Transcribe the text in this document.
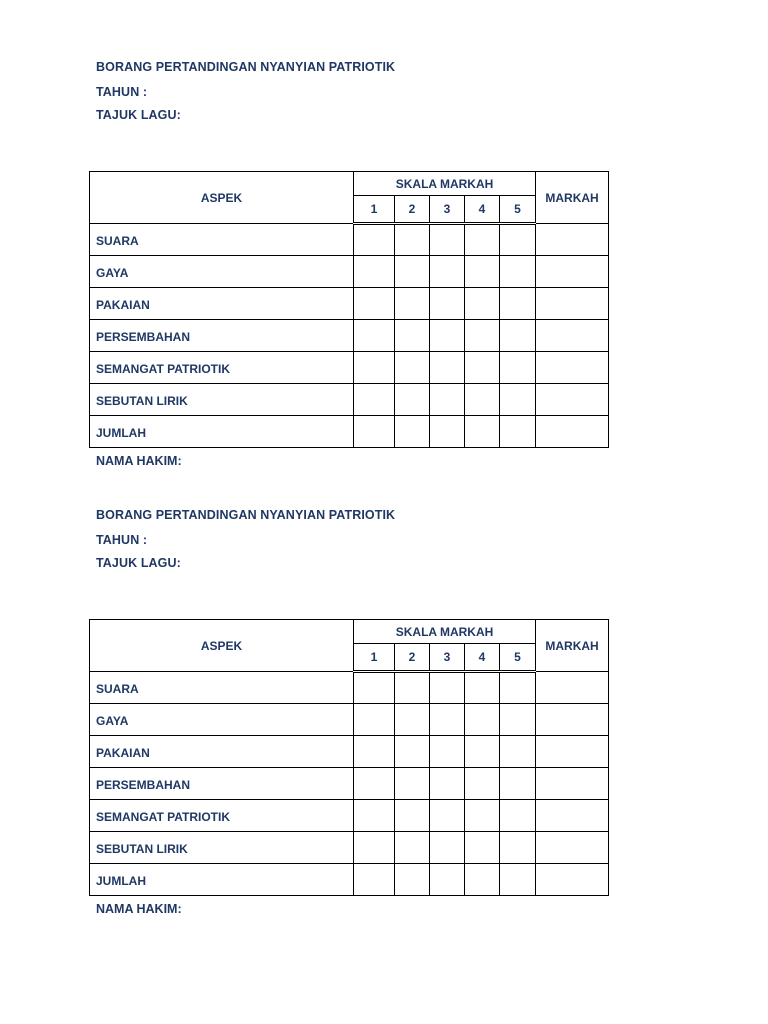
BORANG PERTANDINGAN NYANYIAN PATRIOTIK
TAHUN :
TAJUK LAGU:
ASPEK	SKALA MARKAH					MARKAH
	1	2	3	4	5	
SUARA						
GAYA						
PAKAIAN						
PERSEMBAHAN						
SEMANGAT PATRIOTIK						
SEBUTAN LIRIK						
JUMLAH						
NAMA HAKIM:
BORANG PERTANDINGAN NYANYIAN PATRIOTIK
TAHUN :
TAJUK LAGU:
ASPEK	SKALA MARKAH					MARKAH
	1	2	3	4	5	
SUARA						
GAYA						
PAKAIAN						
PERSEMBAHAN						
SEMANGAT PATRIOTIK						
SEBUTAN LIRIK						
JUMLAH						
NAMA HAKIM:
